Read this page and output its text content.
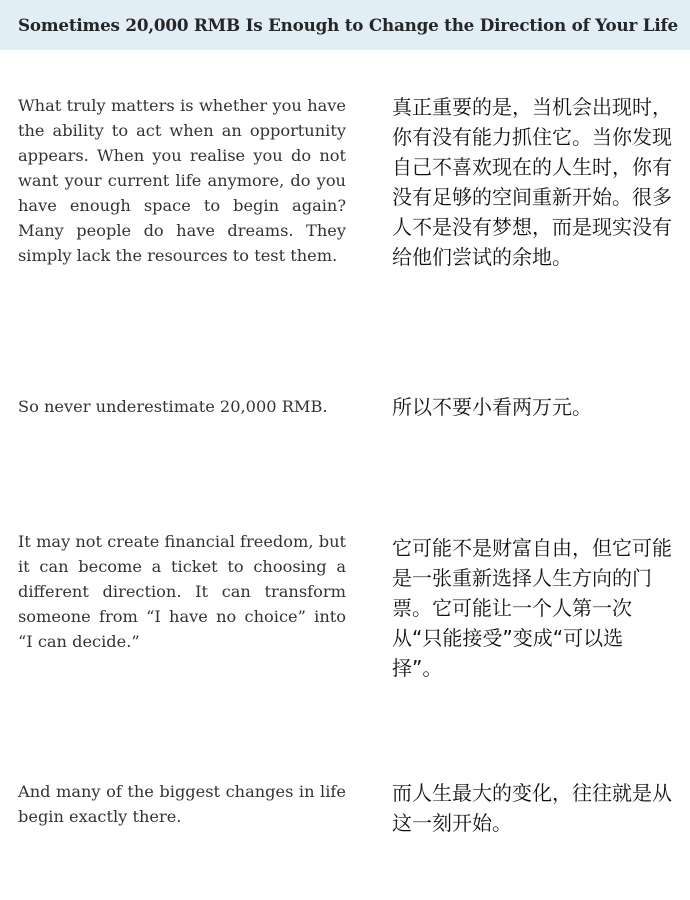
Sometimes 20,000 RMB Is Enough to Change the Direction of Your Life

What truly matters is whether you have the ability to act when an opportunity appears. When you realise you do not want your current life anymore, do you have enough space to begin again? Many people do have dreams. They simply lack the resources to test them.

真正重要的是，当机会出现时，你有没有能力抓住它。当你发现自己不喜欢现在的人生时，你有没有足够的空间重新开始。很多人不是没有梦想，而是现实没有给他们尝试的余地。

So never underestimate 20,000 RMB.	所以不要小看两万元。

It may not create financial freedom, but it can become a ticket to choosing a different direction. It can transform someone from “I have no choice” into “I can decide.”

它可能不是财富自由，但它可能是一张重新选择人生方向的门票。它可能让一个人第一次从“只能接受”变成“可以选择”。

And many of the biggest changes in life begin exactly there.

而人生最大的变化，往往就是从这一刻开始。
